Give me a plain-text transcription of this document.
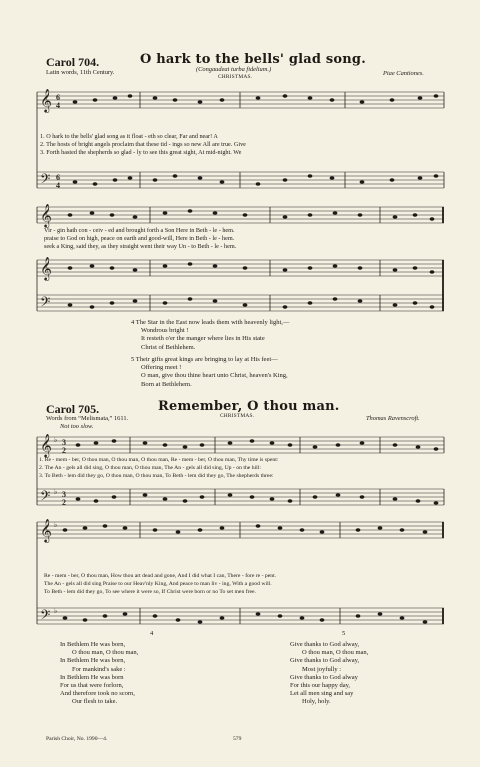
Carol 704.	O hark to the bells' glad song.
(Congaudeat turba fidelium.)
Latin words, 11th Century.
CHRISTMAS.	Piae Cantiones.
𝄞
𝄢
6
4
6
4
1. O hark to the bells' glad song as it float - eth so clear, Far and near! A
2. The hosts of bright angels proclaim that these tid - ings so new All are true. Give
3. Forth hasted the shepherds so glad - ly to see this great sight, At mid-night. We
𝄞
𝄞
𝄢
Vir - gin hath con - ceiv - ed and brought forth a Son Here in Beth - le - hem.
praise to God on high, peace on earth and good-will, Here in Beth - le - hem.
seek a King, said they, as they straight went their way Un - to Beth - le - hem.
4 The Star in the East now leads them with heavenly light,—
Wondrous bright !
It resteth o'er the manger where lies in His state
Christ of Bethlehem.
5 Their gifts great kings are bringing to lay at His feet—
Offering meet !
O man, give thou thine heart unto Christ, heaven's King,
Born at Bethlehem.
Carol 705.	Remember, O thou man.
CHRISTMAS.
Words from “Melismata,” 1611.	Thomas Ravenscroft.
Not too slow.
𝄞
𝄢
♭
♭
3
2
3
2
1. Re - mem - ber, O thou man, O thou man, O thou man, Re - mem - ber, O thou man, Thy time is spent:
2. The An - gels all did sing, O thou man, O thou man, The An - gels all did sing, Up - on the hill:
3. To Beth - lem did they go, O thou man, O thou man, To Beth - lem did they go, The shepherds three:
𝄞
𝄢
♭
♭
Re - mem - ber, O thou man, How thou art dead and gone, And I did what I can, There - fore re - pent.
The An - gels all did sing Praise to our Heav'nly King, And peace to man liv - ing, With a good will.
To Beth - lem did they go, To see where it were so, If Christ were born or no To set men free.
4
In Bethlem He was born,
O thou man, O thou man,
In Bethlem He was born,
For mankind's sake :
In Bethlem He was born
For us that were forlorn,
And therefore took no scorn,
Our flesh to take.
5
Give thanks to God alway,
O thou man, O thou man,
Give thanks to God alway,
Most joyfully :
Give thanks to God alway
For this our happy day,
Let all men sing and say
Holy, holy.
Parish Choir, No. 1990—4.	579
